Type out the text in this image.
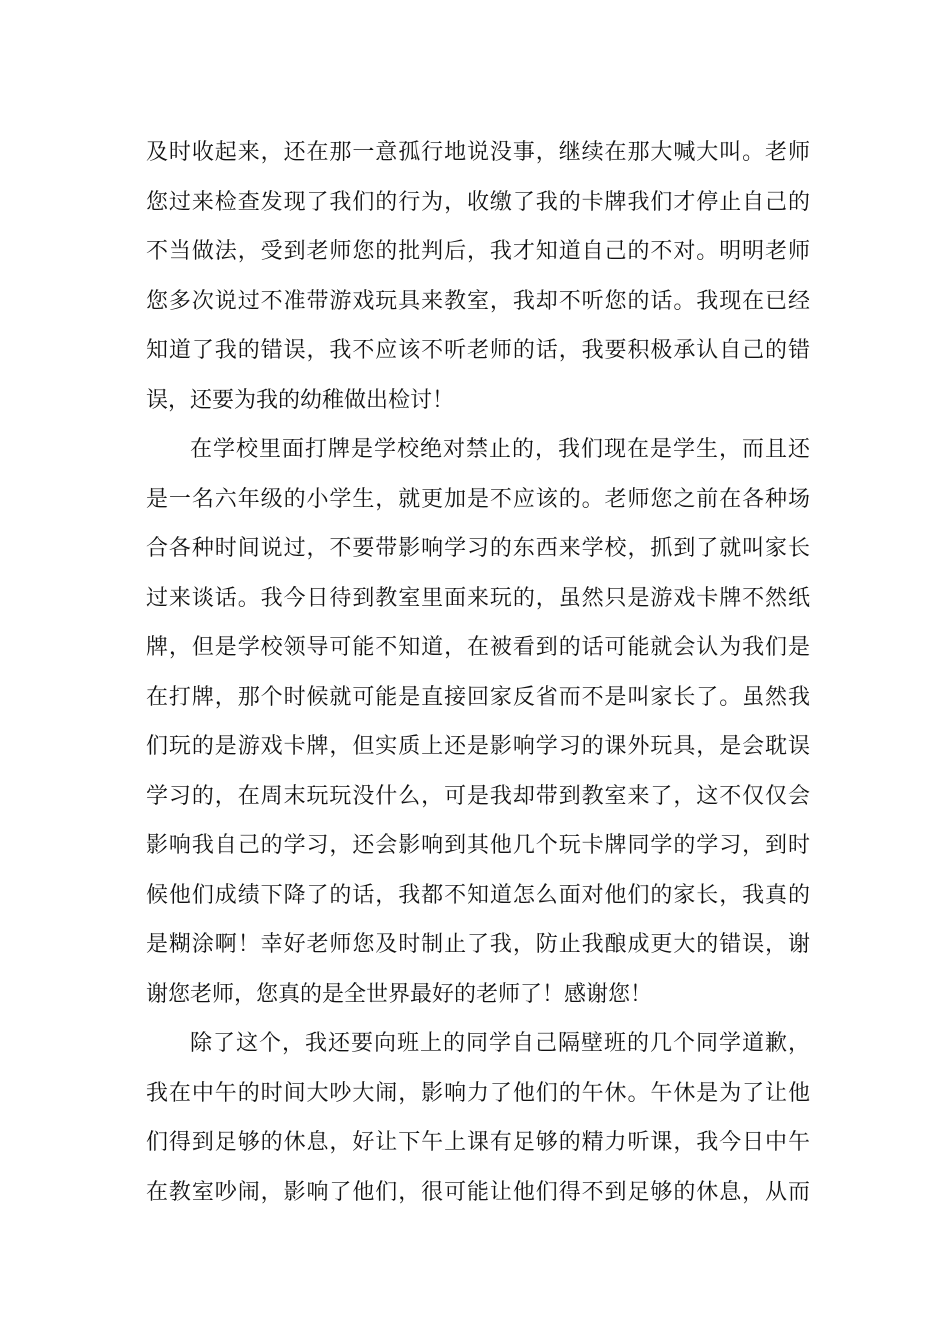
及时收起来，还在那一意孤行地说没事，继续在那大喊大叫。老师
您过来检查发现了我们的行为，收缴了我的卡牌我们才停止自己的
不当做法，受到老师您的批判后，我才知道自己的不对。明明老师
您多次说过不准带游戏玩具来教室，我却不听您的话。我现在已经
知道了我的错误，我不应该不听老师的话，我要积极承认自己的错
误，还要为我的幼稚做出检讨！
在学校里面打牌是学校绝对禁止的，我们现在是学生，而且还
是一名六年级的小学生，就更加是不应该的。老师您之前在各种场
合各种时间说过，不要带影响学习的东西来学校，抓到了就叫家长
过来谈话。我今日待到教室里面来玩的，虽然只是游戏卡牌不然纸
牌，但是学校领导可能不知道，在被看到的话可能就会认为我们是
在打牌，那个时候就可能是直接回家反省而不是叫家长了。虽然我
们玩的是游戏卡牌，但实质上还是影响学习的课外玩具，是会耽误
学习的，在周末玩玩没什么，可是我却带到教室来了，这不仅仅会
影响我自己的学习，还会影响到其他几个玩卡牌同学的学习，到时
候他们成绩下降了的话，我都不知道怎么面对他们的家长，我真的
是糊涂啊！幸好老师您及时制止了我，防止我酿成更大的错误，谢
谢您老师，您真的是全世界最好的老师了！感谢您！
除了这个，我还要向班上的同学自己隔壁班的几个同学道歉，
我在中午的时间大吵大闹，影响力了他们的午休。午休是为了让他
们得到足够的休息，好让下午上课有足够的精力听课，我今日中午
在教室吵闹，影响了他们，很可能让他们得不到足够的休息，从而
